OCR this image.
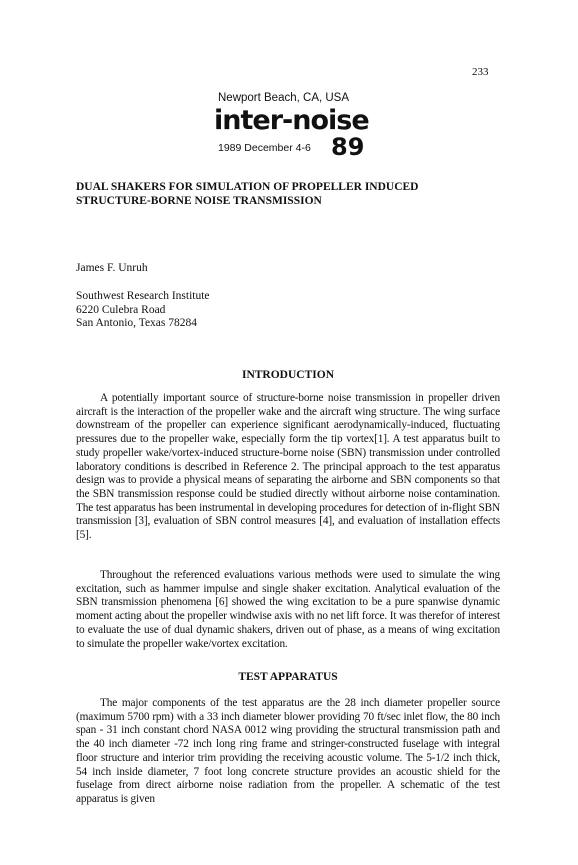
233
Newport Beach, CA, USA
inter-noise
1989 December 4-6 89
DUAL SHAKERS FOR SIMULATION OF PROPELLER INDUCED
STRUCTURE-BORNE NOISE TRANSMISSION
James F. Unruh
Southwest Research Institute
6220 Culebra Road
San Antonio, Texas 78284
INTRODUCTION

A potentially important source of structure-borne noise transmission in propeller driven aircraft is the interaction of the propeller wake and the aircraft wing structure. The wing surface downstream of the propeller can experience significant aerodynamically-induced, fluctuating pressures due to the propeller wake, especially form the tip vortex[1]. A test apparatus built to study propeller wake/vortex-induced structure-borne noise (SBN) transmission under controlled laboratory conditions is described in Reference 2. The principal approach to the test apparatus design was to provide a physical means of separating the airborne and SBN components so that the SBN transmission response could be studied directly without airborne noise contamination. The test apparatus has been instrumental in developing procedures for detection of in-flight SBN transmission [3], evaluation of SBN control measures [4], and evaluation of installation effects [5].

Throughout the referenced evaluations various methods were used to simulate the wing excitation, such as hammer impulse and single shaker excitation. Analytical evaluation of the SBN transmission phenomena [6] showed the wing excitation to be a pure spanwise dynamic moment acting about the propeller windwise axis with no net lift force. It was therefor of interest to evaluate the use of dual dynamic shakers, driven out of phase, as a means of wing excitation to simulate the propeller wake/vortex excitation.

TEST APPARATUS

The major components of the test apparatus are the 28 inch diameter propeller source (maximum 5700 rpm) with a 33 inch diameter blower providing 70 ft/sec inlet flow, the 80 inch span - 31 inch constant chord NASA 0012 wing providing the structural transmission path and the 40 inch diameter -72 inch long ring frame and stringer-constructed fuselage with integral floor structure and interior trim providing the receiving acoustic volume. The 5-1/2 inch thick, 54 inch inside diameter, 7 foot long concrete structure provides an acoustic shield for the fuselage from direct airborne noise radiation from the propeller. A schematic of the test apparatus is given
